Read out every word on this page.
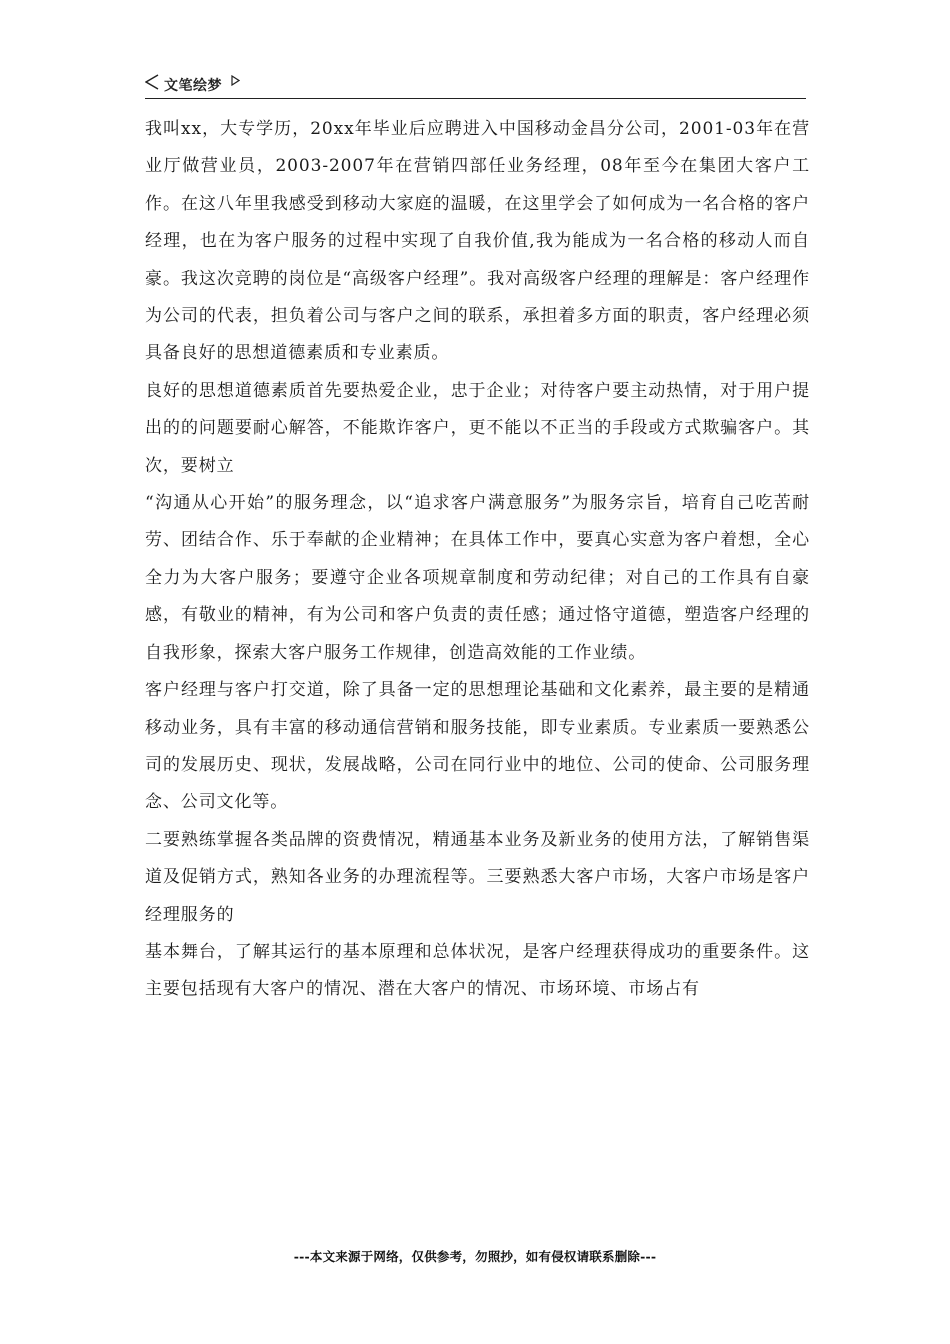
文笔绘梦

我叫xx，大专学历，20xx年毕业后应聘进入中国移动金昌分公司，2001-03年在营业厅做营业员，2003-2007年在营销四部任业务经理，08年至今在集团大客户工作。在这八年里我感受到移动大家庭的温暖，在这里学会了如何成为一名合格的客户经理，也在为客户服务的过程中实现了自我价值,我为能成为一名合格的移动人而自豪。我这次竞聘的岗位是“高级客户经理”。我对高级客户经理的理解是：客户经理作为公司的代表，担负着公司与客户之间的联系，承担着多方面的职责，客户经理必须具备良好的思想道德素质和专业素质。

良好的思想道德素质首先要热爱企业，忠于企业；对待客户要主动热情，对于用户提出的的问题要耐心解答，不能欺诈客户，更不能以不正当的手段或方式欺骗客户。其次，要树立

“沟通从心开始”的服务理念，以“追求客户满意服务”为服务宗旨，培育自己吃苦耐劳、团结合作、乐于奉献的企业精神；在具体工作中，要真心实意为客户着想，全心全力为大客户服务；要遵守企业各项规章制度和劳动纪律；对自己的工作具有自豪感，有敬业的精神，有为公司和客户负责的责任感；通过恪守道德，塑造客户经理的自我形象，探索大客户服务工作规律，创造高效能的工作业绩。

客户经理与客户打交道，除了具备一定的思想理论基础和文化素养，最主要的是精通移动业务，具有丰富的移动通信营销和服务技能，即专业素质。专业素质一要熟悉公司的发展历史、现状，发展战略，公司在同行业中的地位、公司的使命、公司服务理念、公司文化等。

二要熟练掌握各类品牌的资费情况，精通基本业务及新业务的使用方法，了解销售渠道及促销方式，熟知各业务的办理流程等。三要熟悉大客户市场，大客户市场是客户经理服务的

基本舞台，了解其运行的基本原理和总体状况，是客户经理获得成功的重要条件。这主要包括现有大客户的情况、潜在大客户的情况、市场环境、市场占有

---本文来源于网络，仅供参考，勿照抄，如有侵权请联系删除---
